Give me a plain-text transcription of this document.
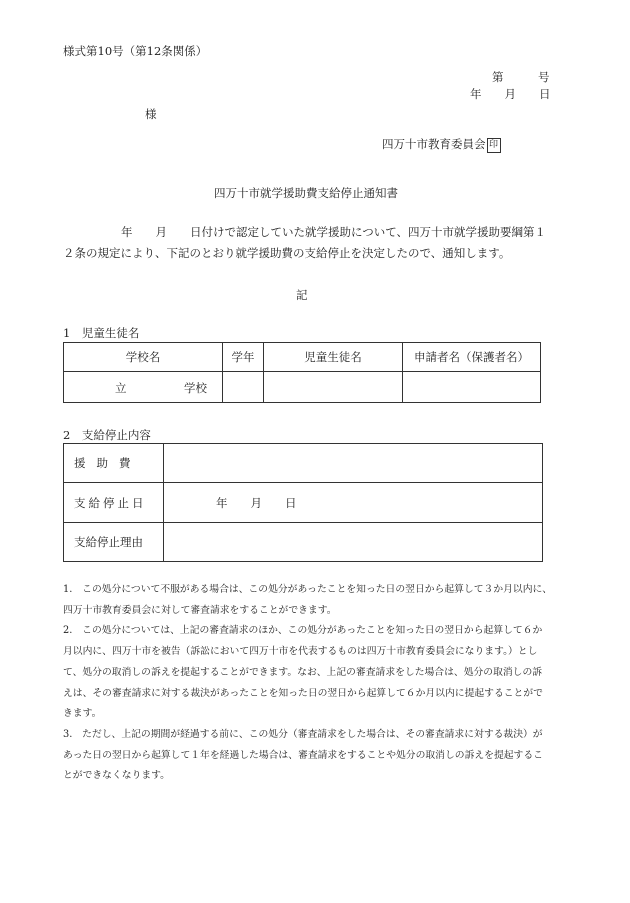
様式第10号（第12条関係）
第　　　号
年　　月　　日
様
四万十市教育委員会 印
四万十市就学援助費支給停止通知書
年　　月　　日付けで認定していた就学援助について、四万十市就学援助要綱第１
２条の規定により、下記のとおり就学援助費の支給停止を決定したので、通知します。
記
1　児童生徒名
学校名	学年	児童生徒名	申請者名（保護者名）

立 学校			

2　支給停止内容
援助費	
支給停止日	年　　月　　日
支給停止理由	
1.　この処分について不服がある場合は、この処分があったことを知った日の翌日から起算して３か月以内に、
四万十市教育委員会に対して審査請求をすることができます。
2.　この処分については、上記の審査請求のほか、この処分があったことを知った日の翌日から起算して６か
月以内に、四万十市を被告（訴訟において四万十市を代表するものは四万十市教育委員会になります。）とし
て、処分の取消しの訴えを提起することができます。なお、上記の審査請求をした場合は、処分の取消しの訴
えは、その審査請求に対する裁決があったことを知った日の翌日から起算して６か月以内に提起することがで
きます。
3.　ただし、上記の期間が経過する前に、この処分（審査請求をした場合は、その審査請求に対する裁決）が
あった日の翌日から起算して１年を経過した場合は、審査請求をすることや処分の取消しの訴えを提起するこ
とができなくなります。
